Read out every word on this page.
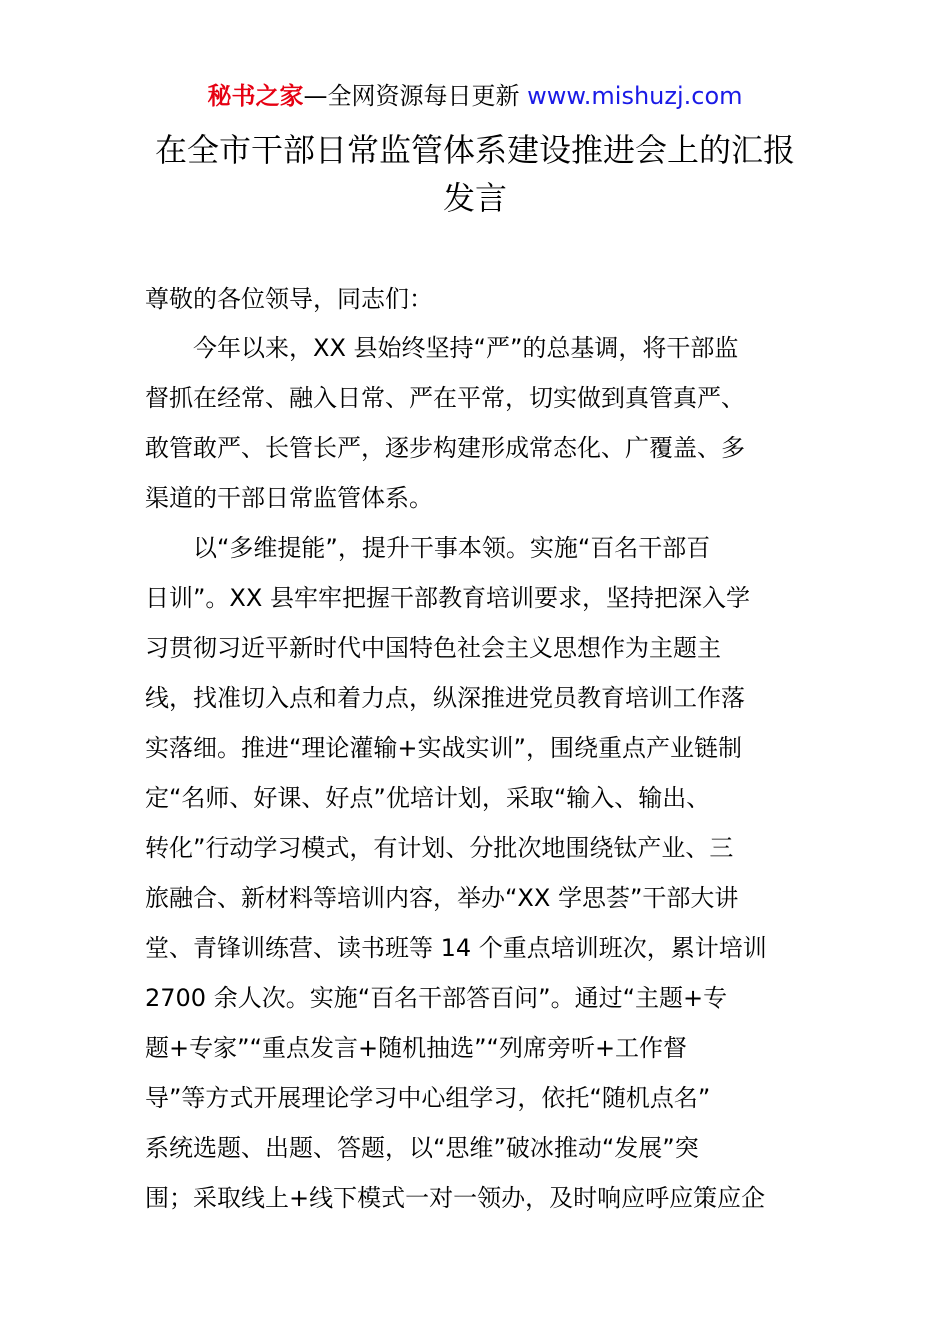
秘书之家—全网资源每日更新 www.mishuzj.com
在全市干部日常监管体系建设推进会上的汇报
发言
尊敬的各位领导，同志们：
　　今年以来，XX 县始终坚持“严”的总基调，将干部监
督抓在经常、融入日常、严在平常，切实做到真管真严、
敢管敢严、长管长严，逐步构建形成常态化、广覆盖、多
渠道的干部日常监管体系。
　　以“多维提能”，提升干事本领。实施“百名干部百
日训”。XX 县牢牢把握干部教育培训要求，坚持把深入学
习贯彻习近平新时代中国特色社会主义思想作为主题主
线，找准切入点和着力点，纵深推进党员教育培训工作落
实落细。推进“理论灌输+实战实训”，围绕重点产业链制
定“名师、好课、好点”优培计划，采取“输入、输出、
转化”行动学习模式，有计划、分批次地围绕钛产业、三
旅融合、新材料等培训内容，举办“XX 学思荟”干部大讲
堂、青锋训练营、读书班等 14 个重点培训班次，累计培训
2700 余人次。实施“百名干部答百问”。通过“主题+专
题+专家”“重点发言+随机抽选”“列席旁听+工作督
导”等方式开展理论学习中心组学习，依托“随机点名”
系统选题、出题、答题，以“思维”破冰推动“发展”突
围；采取线上+线下模式一对一领办，及时响应呼应策应企
